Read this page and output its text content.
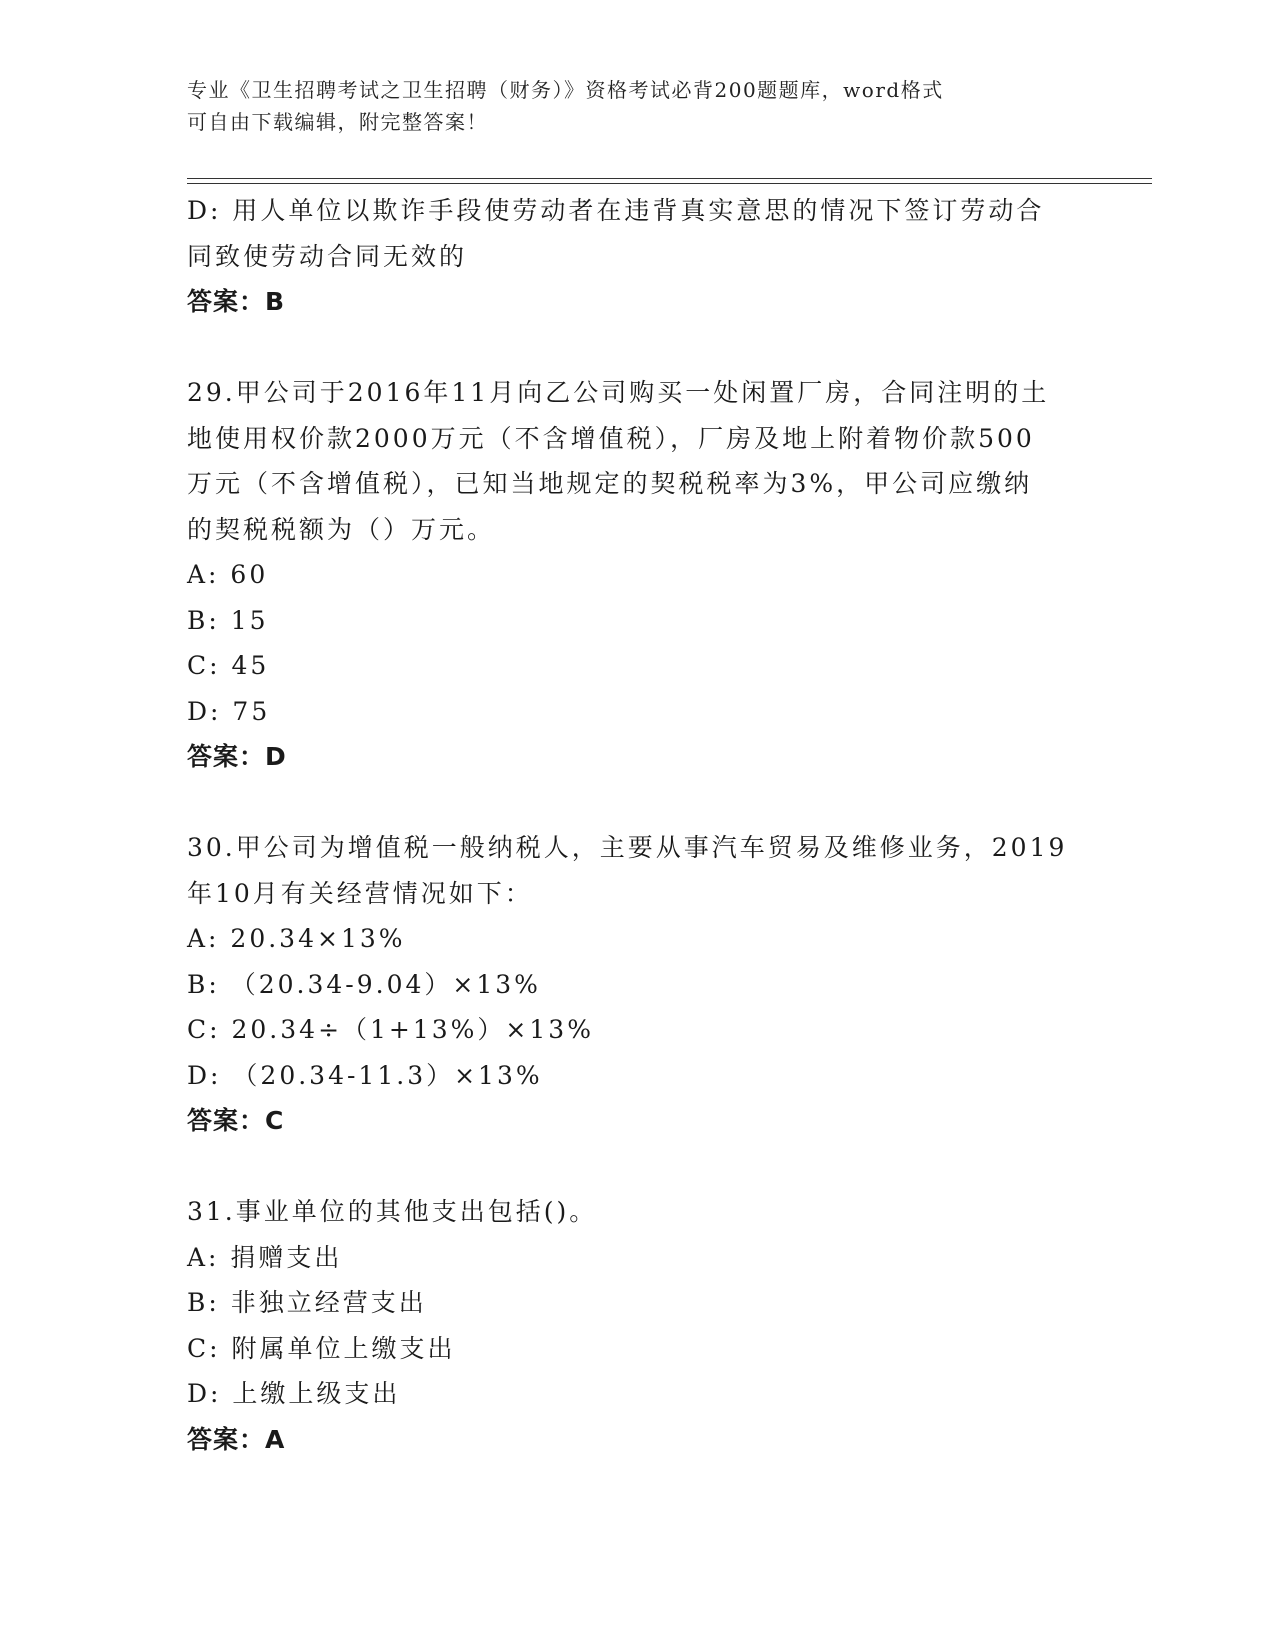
专业《卫生招聘考试之卫生招聘（财务）》资格考试必背200题题库，word格式
可自由下载编辑，附完整答案！
D: 用人单位以欺诈手段使劳动者在违背真实意思的情况下签订劳动合
同致使劳动合同无效的
答案：B
29.甲公司于2016年11月向乙公司购买一处闲置厂房，合同注明的土
地使用权价款2000万元（不含增值税），厂房及地上附着物价款500
万元（不含增值税），已知当地规定的契税税率为3%，甲公司应缴纳
的契税税额为（）万元。
A: 60
B: 15
C: 45
D: 75
答案：D
30.甲公司为增值税一般纳税人，主要从事汽车贸易及维修业务，2019
年10月有关经营情况如下：
A: 20.34×13%
B: （20.34-9.04）×13%
C: 20.34÷（1+13%）×13%
D: （20.34-11.3）×13%
答案：C
31.事业单位的其他支出包括()。
A: 捐赠支出
B: 非独立经营支出
C: 附属单位上缴支出
D: 上缴上级支出
答案：A
